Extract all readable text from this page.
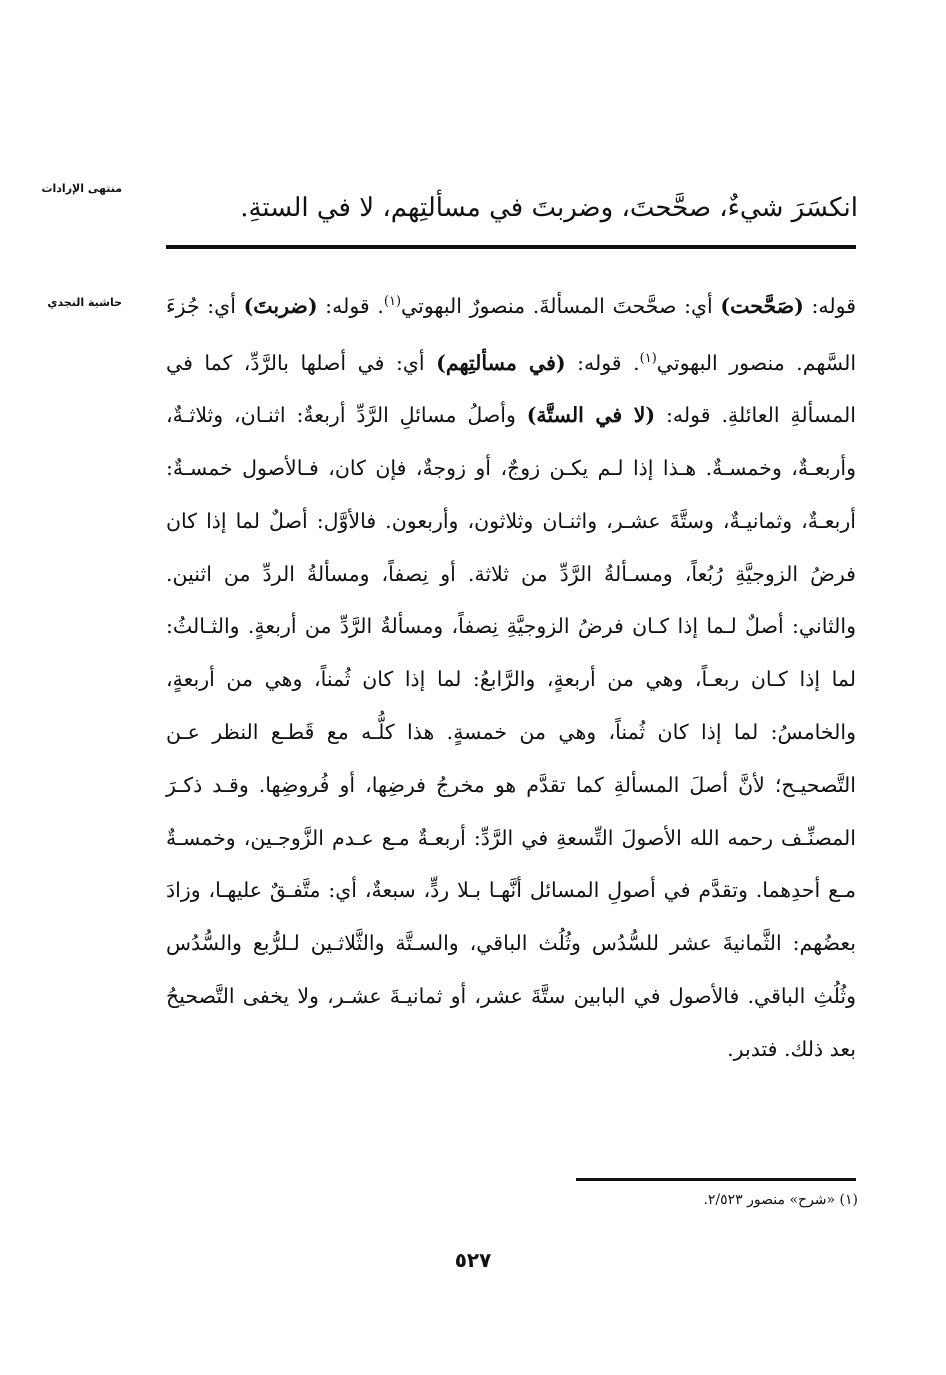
منتهى الإرادات
حاشية النجدي
انكسَرَ شيءٌ، صحَّحتَ، وضربتَ في مسألتِهم، لا في الستةِ.
قوله: (صَحَّحت) أي: صحَّحتَ المسألةَ. منصورٌ البهوتي$^{(١)}$. قوله: (ضربتَ) أي: جُزءَ السَّهم. منصور البهوتي$^{(١)}$. قوله: (في مسألتِهم) أي: في أصلها بالرَّدِّ، كما في المسألةِ العائلةِ. قوله: (لا في الستَّة) وأصلُ مسائلِ الرَّدِّ أربعةٌ: اثنـان، وثلاثـةٌ، وأربعـةٌ، وخمسـةٌ. هـذا إذا لـم يكـن زوجٌ، أو زوجةٌ، فإن كان، فـالأصول خمسـةٌ: أربعـةٌ، وثمانيـةٌ، وستَّةَ عشـر، واثنـان وثلاثون، وأربعون. فالأوَّل: أصلٌ لما إذا كان فرضُ الزوجيَّةِ رُبُعاً، ومسـألةُ الرَّدِّ من ثلاثة. أو نِصفاً، ومسألةُ الردِّ من اثنين. والثاني: أصلٌ لـما إذا كـان فرضُ الزوجيَّةِ نِصفاً، ومسألةُ الرَّدِّ من أربعةٍ. والثـالثُ: لما إذا كـان ربعـاً، وهي من أربعةٍ، والرَّابعُ: لما إذا كان ثُمناً، وهي من أربعةٍ، والخامسُ: لما إذا كان ثُمناً، وهي من خمسةٍ. هذا كلُّـه مع قَطـع النظر عـن التَّصحيـح؛ لأنَّ أصلَ المسألةِ كما تقدَّم هو مخرجُ فرضِها، أو فُروضِها. وقـد ذكـرَ المصنِّـف رحمه الله الأصولَ التِّسعةِ في الرَّدِّ: أربعـةٌ مـع عـدم الزَّوجـين، وخمسـةٌ مـع أحدِهما. وتقدَّم في أصولِ المسائل أنَّهـا بـلا ردٍّ، سبعةٌ، أي: متَّفـقٌ عليهـا، وزادَ بعضُهم: الثَّمانيةَ عشر للسُّدُس وثُلُث الباقي، والسـتَّة والثَّلاثـين لـلرُّبع والسُّدُس وثُلُثِ الباقي. فالأصول في البابين ستَّةَ عشر، أو ثمانيـةَ عشـر، ولا يخفى التَّصحيحُ بعد ذلك. فتدبر.
(١) «شرح» منصور ٢/٥٢٣.
٥٢٧
